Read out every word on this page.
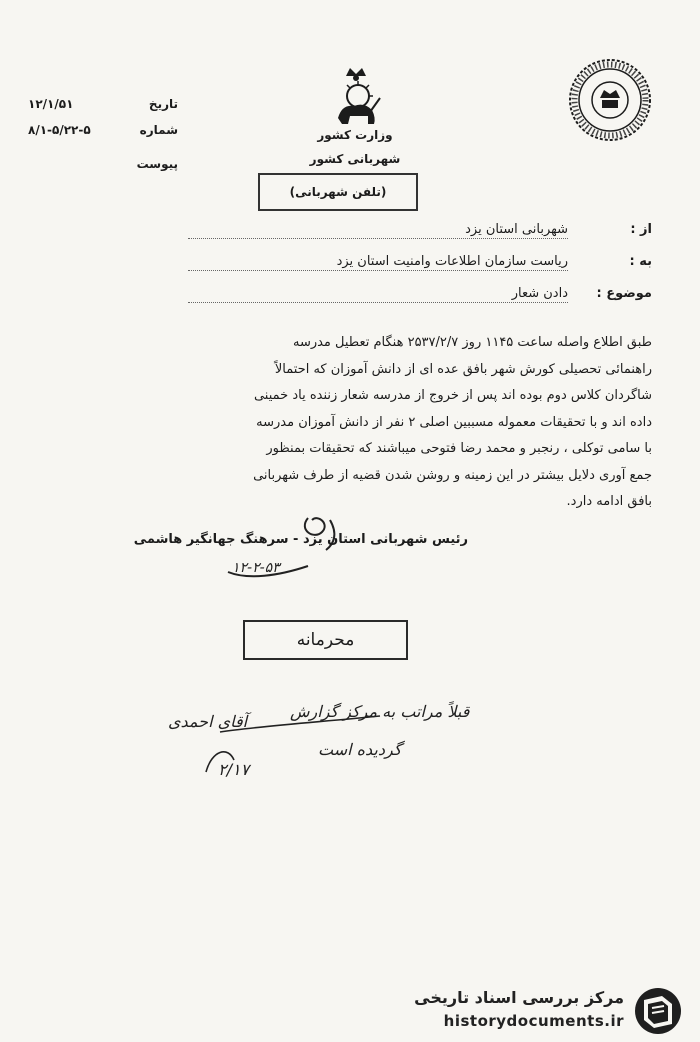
تاریخ
۱۲/۱/۵۱
شماره
۸/۱-۵/۲۲-۵
پیوست

وزارت کشور
شهربانی کشور
(تلفن شهربانی)
از :
شهربانی استان یزد
به :
ریاست سازمان اطلاعات وامنیت استان یزد
موضوع :
دادن شعار

طبق اطلاع واصله ساعت ۱۱۴۵ روز ۲۵۳۷/۲/۷ هنگام تعطیل مدرسه

راهنمائی تحصیلی کورش شهر بافق عده ای از دانش آموزان که احتمالاً

شاگردان کلاس دوم بوده اند پس از خروج از مدرسه شعار زننده یاد خمینی

داده اند و با تحقیقات معموله مسببین اصلی ۲ نفر از دانش آموزان مدرسه

با سامی توکلی ، رنجبر و محمد رضا فتوحی میباشند که تحقیقات بمنظور

جمع آوری دلایل بیشتر در این زمینه و روشن شدن قضیه از طرف شهربانی

بافق ادامه دارد.

رئیس شهربانی استان یزد - سرهنگ جهانگیر هاشمی
۱۲-۲-۵۳
محرمانه
قبلاً مراتب به مرکز گزارش
گردیده است
آقای احمدی
۲/۱۷
مرکز بررسی اسناد تاریخی
historydocuments.ir
